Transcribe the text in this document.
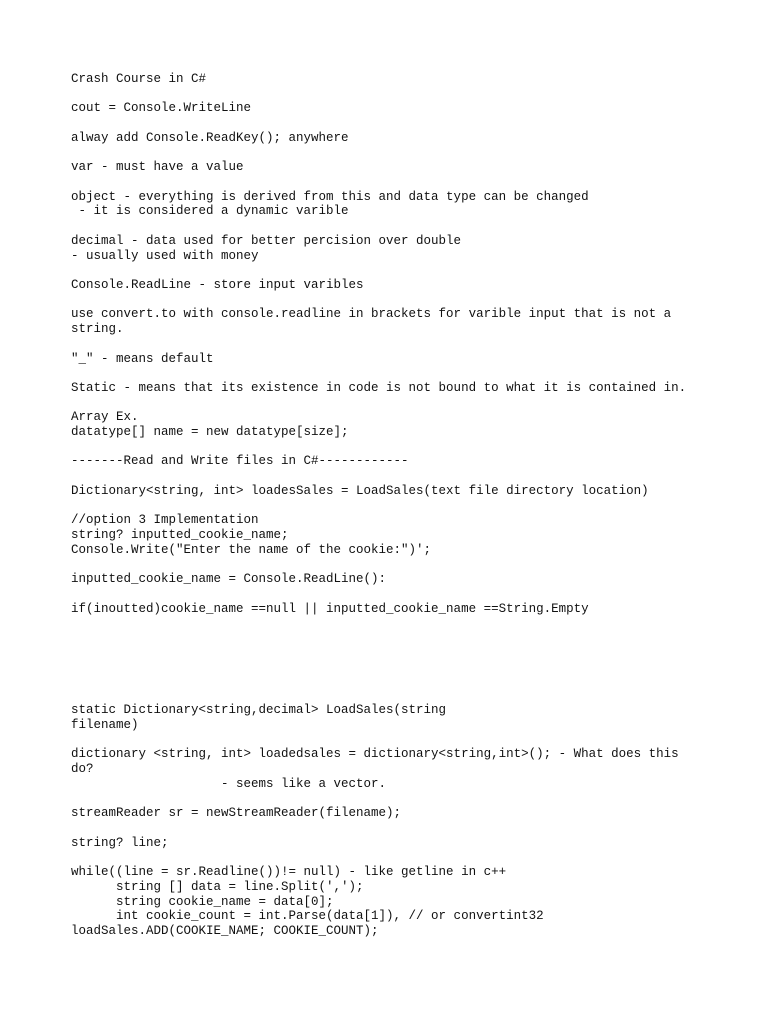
Crash Course in C#
cout = Console.WriteLine
alway add Console.ReadKey(); anywhere
var - must have a value
object - everything is derived from this and data type can be changed
- it is considered a dynamic varible
decimal - data used for better percision over double
- usually used with money
Console.ReadLine - store input varibles
use convert.to with console.readline in brackets for varible input that is not a
string.
"_" - means default
Static - means that its existence in code is not bound to what it is contained in.
Array Ex.
datatype[] name = new datatype[size];
-------Read and Write files in C#------------
Dictionary<string, int> loadesSales = LoadSales(text file directory location)
//option 3 Implementation
string? inputted_cookie_name;
Console.Write("Enter the name of the cookie:")';
inputted_cookie_name = Console.ReadLine():
if(inoutted)cookie_name ==null || inputted_cookie_name ==String.Empty
static Dictionary<string,decimal> LoadSales(string
filename)
dictionary <string, int> loadedsales = dictionary<string,int>(); - What does this
do?
- seems like a vector.
streamReader sr = newStreamReader(filename);
string? line;
while((line = sr.Readline())!= null) - like getline in c++
string [] data = line.Split(',');
string cookie_name = data[0];
int cookie_count = int.Parse(data[1]), // or convertint32
loadSales.ADD(COOKIE_NAME; COOKIE_COUNT);
